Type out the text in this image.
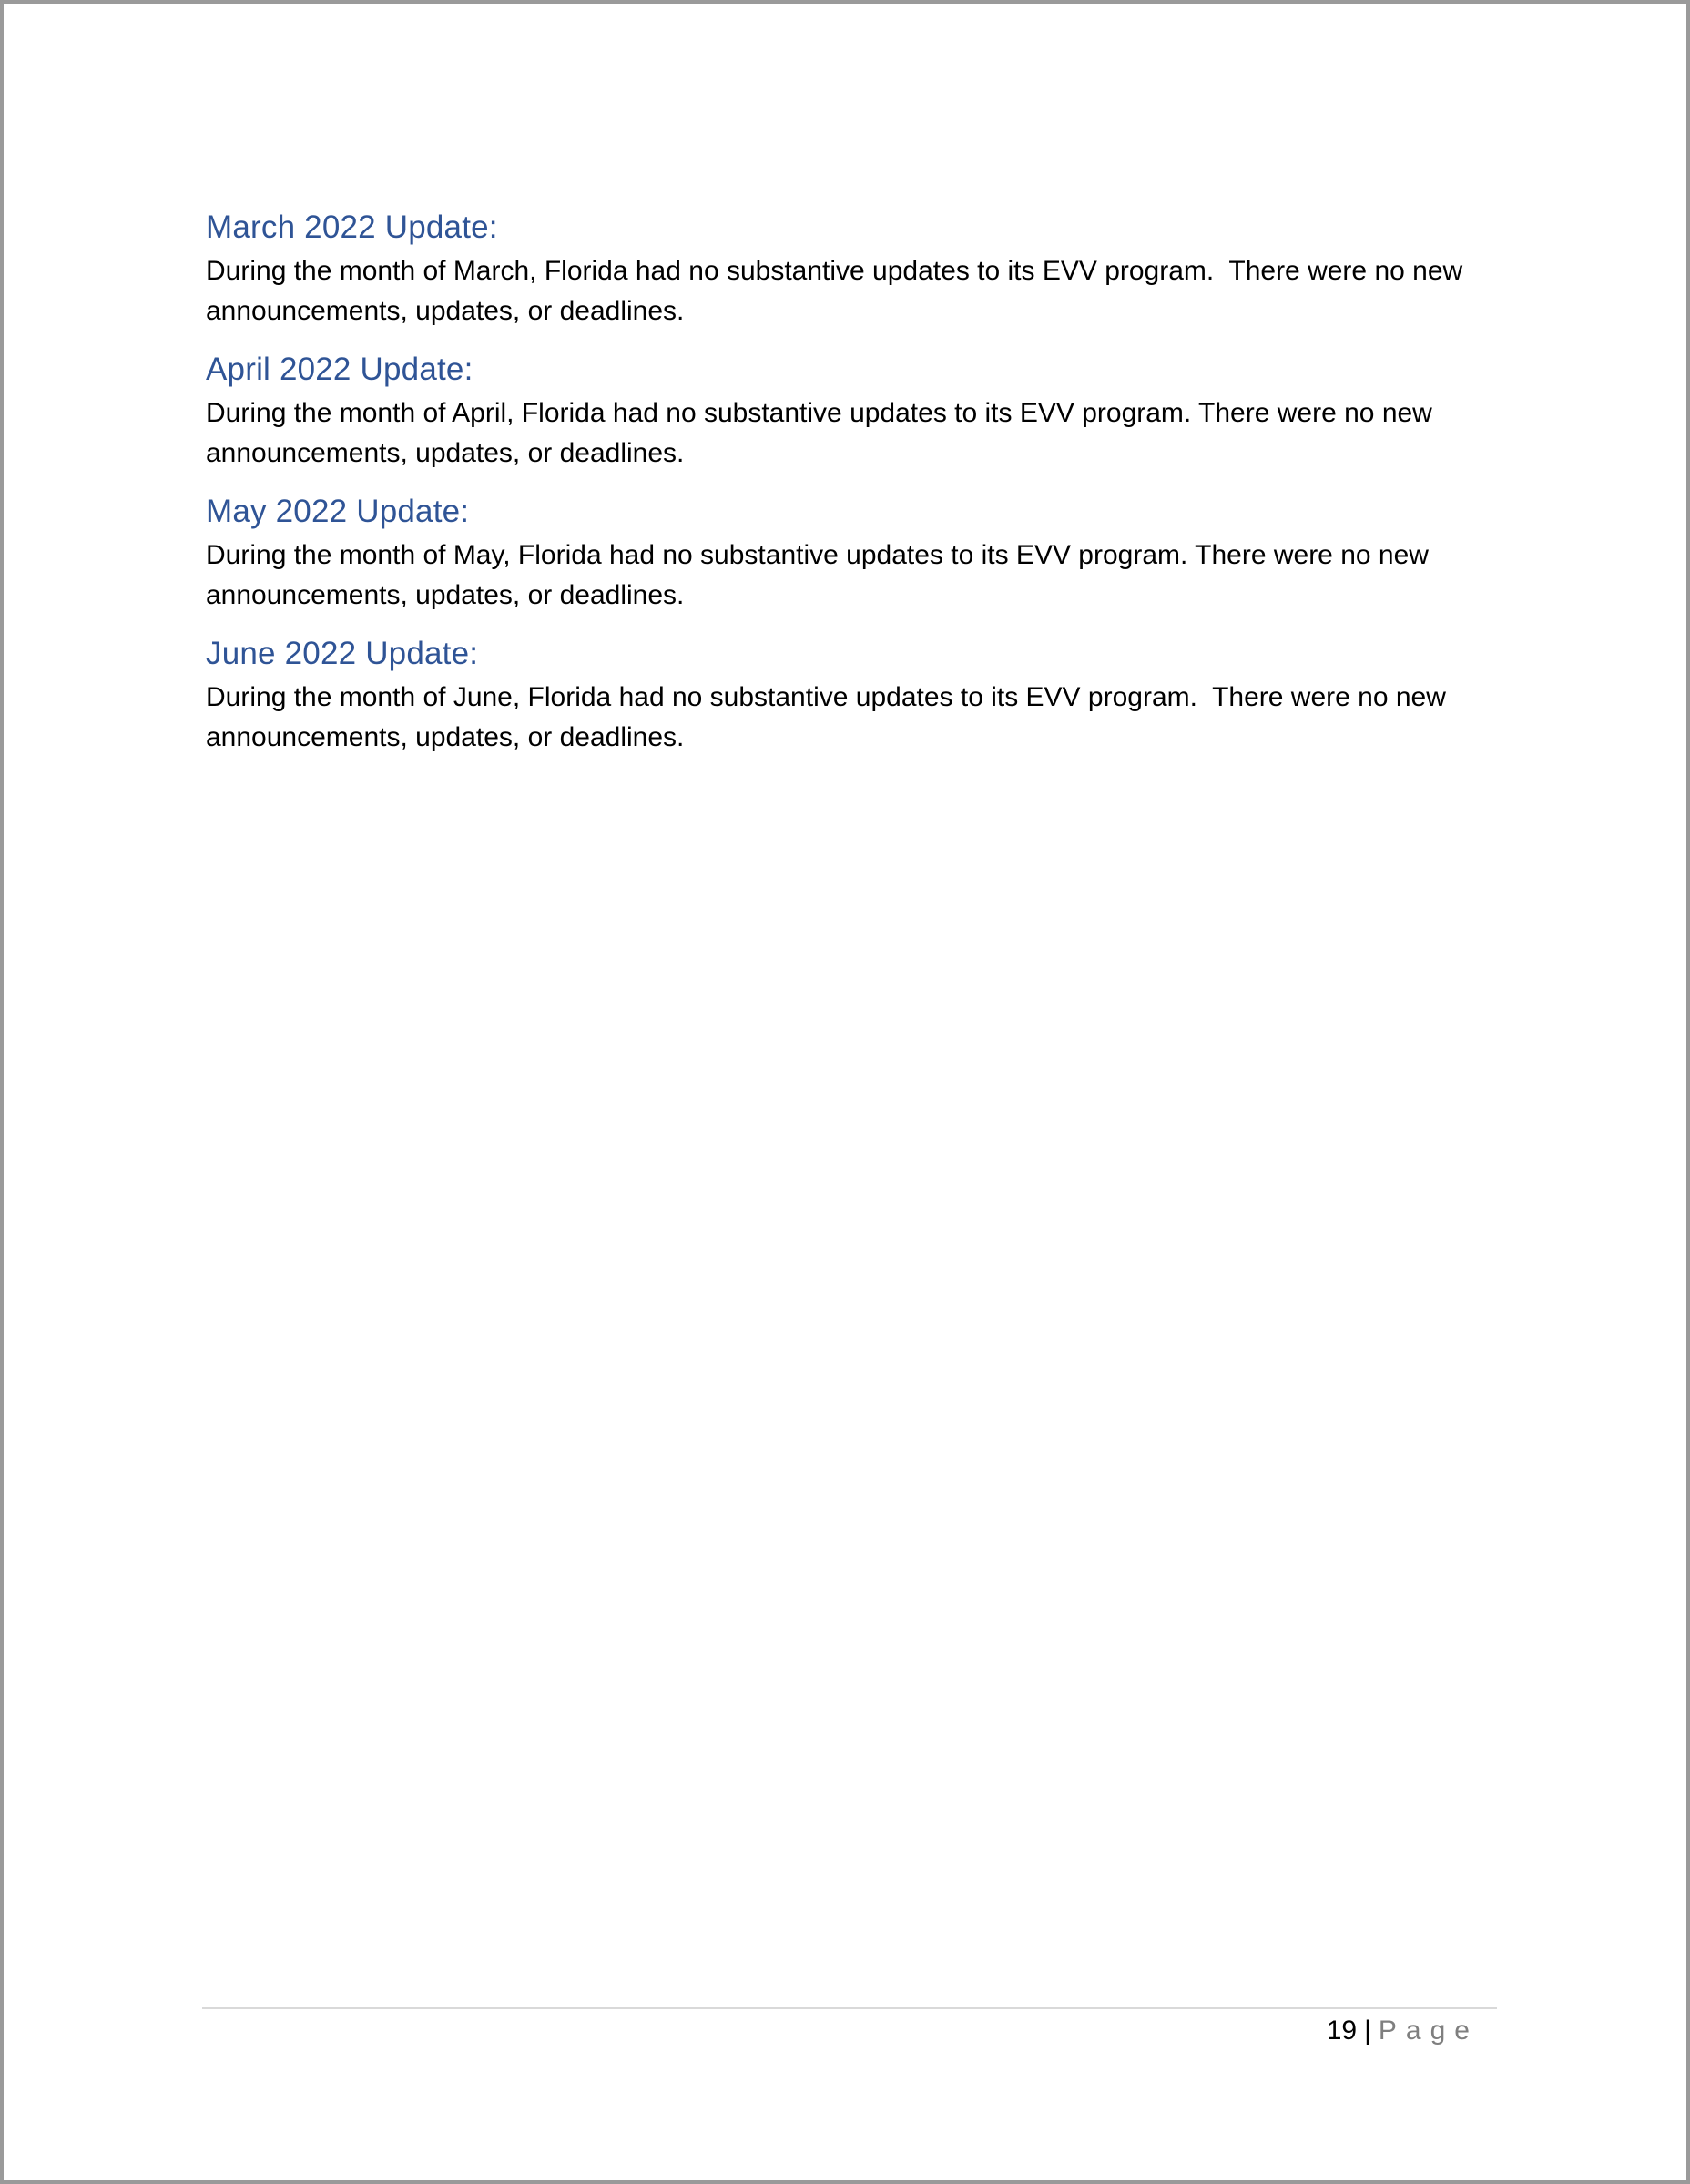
March 2022 Update:

During the month of March, Florida had no substantive updates to its EVV program.  There were no new announcements, updates, or deadlines.

April 2022 Update:

During the month of April, Florida had no substantive updates to its EVV program. There were no new announcements, updates, or deadlines.

May 2022 Update:

During the month of May, Florida had no substantive updates to its EVV program. There were no new announcements, updates, or deadlines.

June 2022 Update:

During the month of June, Florida had no substantive updates to its EVV program.  There were no new announcements, updates, or deadlines.

19 | Page
